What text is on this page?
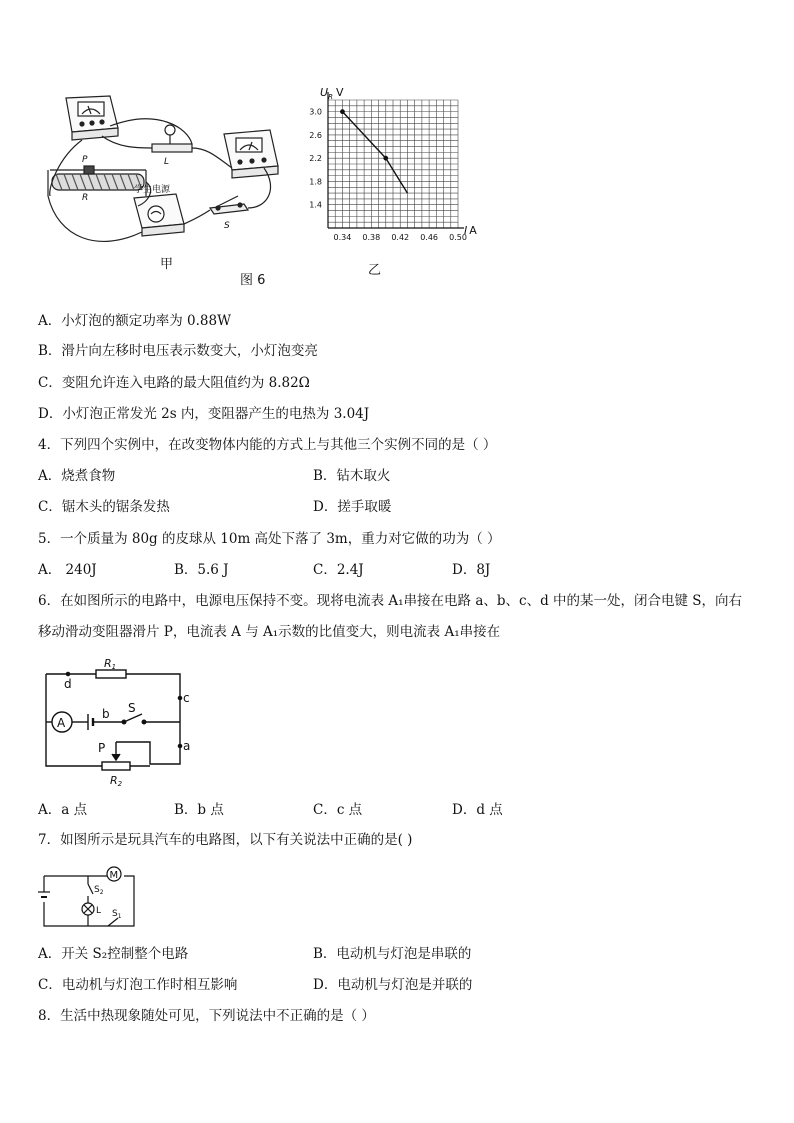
P
R
L
S
学生电源
甲
图 6
乙
0.34 0.38 0.42 0.46 0.50
3.0
2.6
2.2
1.8
1.4
$U_R$ V
I A
A．小灯泡的额定功率为 0.88W
B．滑片向左移时电压表示数变大，小灯泡变亮
C．变阻允许连入电路的最大阻值约为 8.82Ω
D．小灯泡正常发光 2s 内，变阻器产生的电热为 3.04J
4．下列四个实例中，在改变物体内能的方式上与其他三个实例不同的是（ ）
A．烧煮食物	B．钻木取火
C．锯木头的锯条发热	D．搓手取暖
5．一个质量为 80g 的皮球从 10m 高处下落了 3m，重力对它做的功为（ ）
A． 240J	B．5.6 J	C．2.4J	D．8J
6．在如图所示的电路中，电源电压保持不变。现将电流表 A₁串接在电路 a、b、c、d 中的某一处，闭合电键 S，向右
移动滑动变阻器滑片 P，电流表 A 与 A₁示数的比值变大，则电流表 A₁串接在
A
R1
R2
d
c
a
b S
P
A．a 点	B．b 点	C．c 点	D．d 点
7．如图所示是玩具汽车的电路图，以下有关说法中正确的是( )
M
$S_2$
L $S_1$
A．开关 S₂控制整个电路	B．电动机与灯泡是串联的
C．电动机与灯泡工作时相互影响	D．电动机与灯泡是并联的
8．生活中热现象随处可见，下列说法中不正确的是（ ）
